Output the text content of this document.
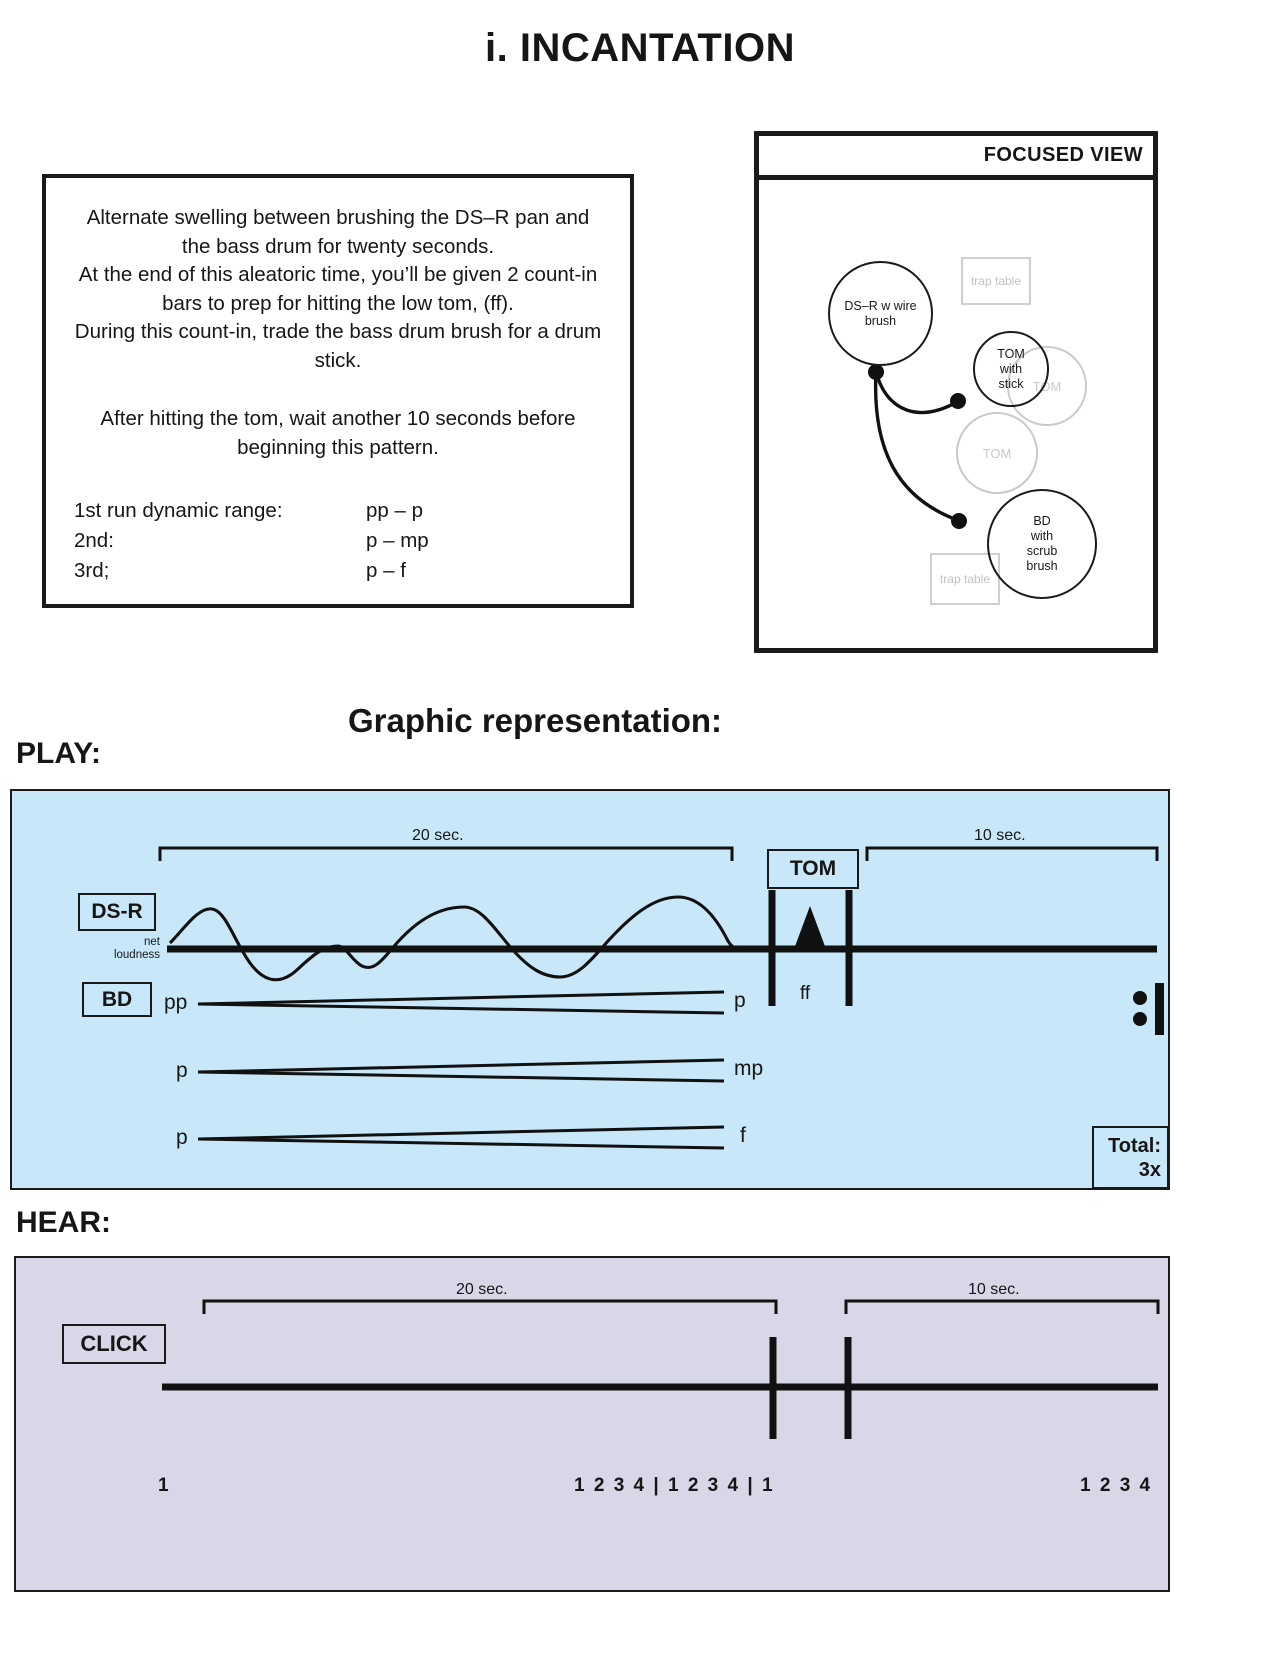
i. INCANTATION

Alternate swelling between brushing the DS–R pan and the bass drum for twenty seconds.

At the end of this aleatoric time, you’ll be given 2 count-in bars to prep for hitting the low tom, (ff).

During this count-in, trade the bass drum brush for a drum stick.

After hitting the tom, wait another 10 seconds before beginning this pattern.

1st run dynamic range:	pp – p
2nd:	p – mp
3rd;	p – f
FOCUSED VIEW
trap table
trap table
TOM
TOM
DS–R w wire
brush
TOM
with
stick
BD
with
scrub
brush
Graphic representation:
PLAY:
20 sec.	10 sec.
DS-R
BD
TOM
net
loudness
ff
pp	p
p	mp
p	f	Total:
3x
HEAR:
20 sec.	10 sec.
CLICK
1	1 2 3 4 | 1 2 3 4 | 1	1 2 3 4
